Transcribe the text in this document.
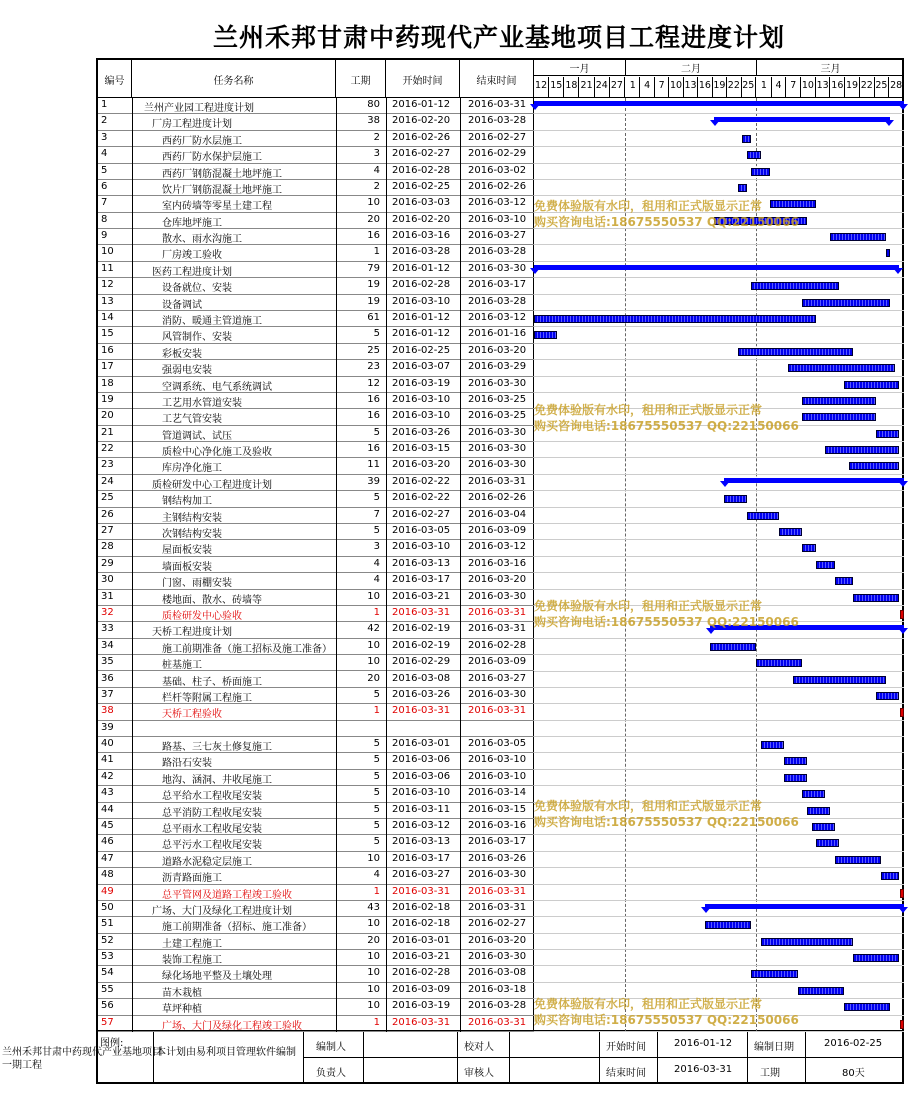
兰州禾邦甘肃中药现代产业基地项目工程进度计划
编号	任务名称	工期	开始时间	结束时间
一月	二月	三月
12 15 18 21 24 27 1 4 7 10 13 16 19 22 25 1 4 7 10 13 16 19 22 25 28
1	兰州产业园工程进度计划	80 2016-01-12	2016-03-31
2	厂房工程进度计划	38 2016-02-20	2016-03-28
3	西药厂防水层施工	2 2016-02-26	2016-02-27
4	西药厂防水保护层施工	3 2016-02-27	2016-02-29
5	西药厂钢筋混凝土地坪施工	4 2016-02-28	2016-03-02
6	饮片厂钢筋混凝土地坪施工	2 2016-02-25	2016-02-26
7	室内砖墙等零星土建工程	10 2016-03-03	2016-03-12
8	仓库地坪施工	20 2016-02-20	2016-03-10
9	散水、雨水沟施工	16 2016-03-16	2016-03-27
10	厂房竣工验收	1 2016-03-28	2016-03-28
11	医药工程进度计划	79 2016-01-12	2016-03-30
12	设备就位、安装	19 2016-02-28	2016-03-17
13	设备调试	19 2016-03-10	2016-03-28
14	消防、暖通主管道施工	61 2016-01-12	2016-03-12
15	风管制作、安装	5 2016-01-12	2016-01-16
16	彩板安装	25 2016-02-25	2016-03-20
17	强弱电安装	23 2016-03-07	2016-03-29
18	空调系统、电气系统调试	12 2016-03-19	2016-03-30
19	工艺用水管道安装	16 2016-03-10	2016-03-25
20	工艺气管安装	16 2016-03-10	2016-03-25
21	管道调试、试压	5 2016-03-26	2016-03-30
22	质检中心净化施工及验收	16 2016-03-15	2016-03-30
23	库房净化施工	11 2016-03-20	2016-03-30
24	质检研发中心工程进度计划	39 2016-02-22	2016-03-31
25	钢结构加工	5 2016-02-22	2016-02-26
26	主钢结构安装	7 2016-02-27	2016-03-04
27	次钢结构安装	5 2016-03-05	2016-03-09
28	屋面板安装	3 2016-03-10	2016-03-12
29	墙面板安装	4 2016-03-13	2016-03-16
30	门窗、雨棚安装	4 2016-03-17	2016-03-20
31	楼地面、散水、砖墙等	10 2016-03-21	2016-03-30
32	质检研发中心验收	1 2016-03-31	2016-03-31
33	天桥工程进度计划	42 2016-02-19	2016-03-31
34	施工前期准备（施工招标及施工准备）	10 2016-02-19	2016-02-28
35	桩基施工	10 2016-02-29	2016-03-09
36	基础、柱子、桥面施工	20 2016-03-08	2016-03-27
37	栏杆等附属工程施工	5 2016-03-26	2016-03-30
38	天桥工程验收	1 2016-03-31	2016-03-31
39
40	路基、三七灰土修复施工	5 2016-03-01	2016-03-05
41	路沿石安装	5 2016-03-06	2016-03-10
42	地沟、涵洞、井收尾施工	5 2016-03-06	2016-03-10
43	总平给水工程收尾安装	5 2016-03-10	2016-03-14
44	总平消防工程收尾安装	5 2016-03-11	2016-03-15
45	总平雨水工程收尾安装	5 2016-03-12	2016-03-16
46	总平污水工程收尾安装	5 2016-03-13	2016-03-17
47	道路水泥稳定层施工	10 2016-03-17	2016-03-26
48	沥青路面施工	4 2016-03-27	2016-03-30
49	总平管网及道路工程竣工验收	1 2016-03-31	2016-03-31
50	广场、大门及绿化工程进度计划	43 2016-02-18	2016-03-31
51	施工前期准备（招标、施工准备）	10 2016-02-18	2016-02-27
52	土建工程施工	20 2016-03-01	2016-03-20
53	装饰工程施工	10 2016-03-21	2016-03-30
54	绿化场地平整及土壤处理	10 2016-02-28	2016-03-08
55	苗木栽植	10 2016-03-09	2016-03-18
56	草坪种植	10 2016-03-19	2016-03-28
57	广场、大门及绿化工程竣工验收	1 2016-03-31	2016-03-31
免费体验版有水印，租用和正式版显示正常
购买咨询电话:18675550537 QQ:22150066
免费体验版有水印，租用和正式版显示正常
购买咨询电话:18675550537 QQ:22150066
免费体验版有水印，租用和正式版显示正常
购买咨询电话:18675550537 QQ:22150066
免费体验版有水印，租用和正式版显示正常
购买咨询电话:18675550537 QQ:22150066
免费体验版有水印，租用和正式版显示正常
购买咨询电话:18675550537 QQ:22150066
图例:
本计划由易利项目管理软件编制	编制人	校对人	开始时间	2016-01-12	编制日期	2016-02-25
负责人	审核人	结束时间	2016-03-31	工期	80天
兰州禾邦甘肃中药现代产业基地项目一期工程
